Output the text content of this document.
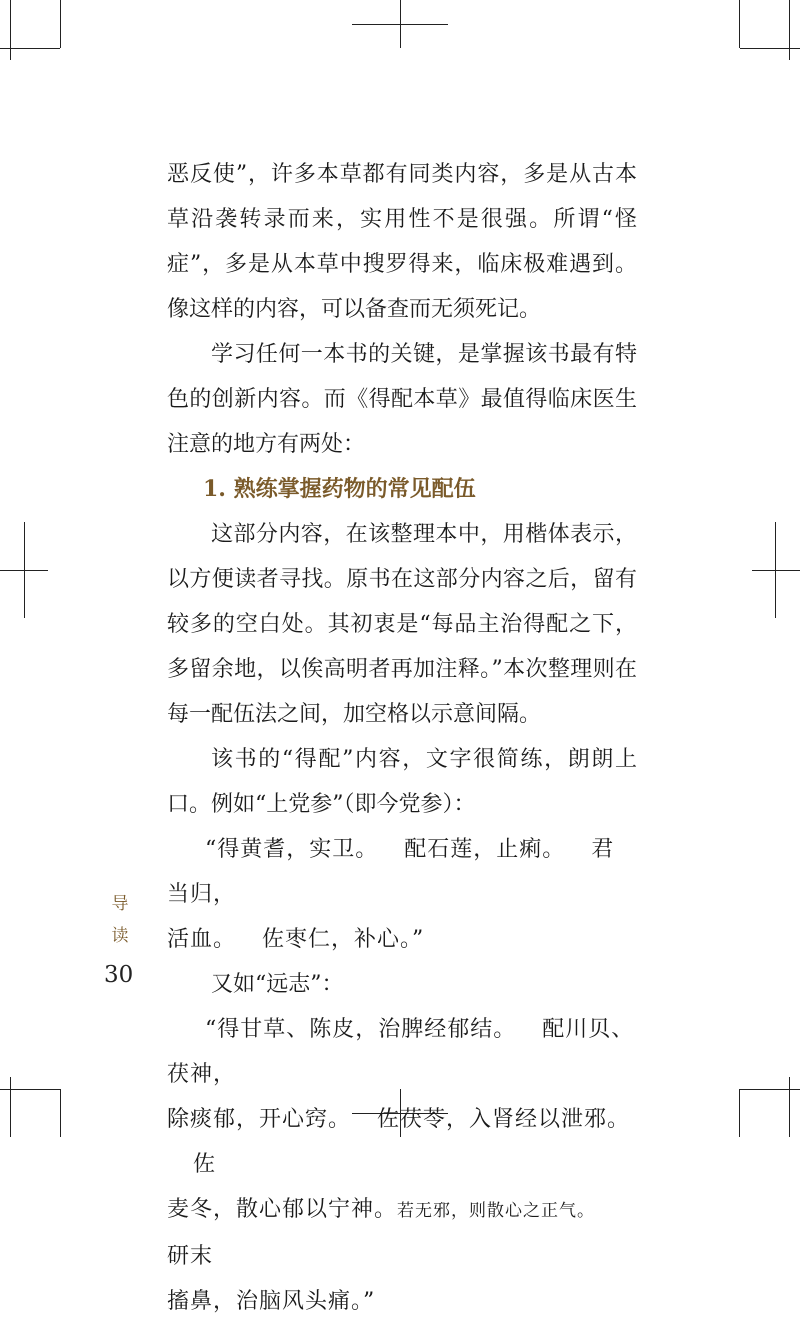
恶反使”，许多本草都有同类内容，多是从古本草沿袭转录而来，实用性不是很强。所谓“怪症”，多是从本草中搜罗得来，临床极难遇到。像这样的内容，可以备查而无须死记。

学习任何一本书的关键，是掌握该书最有特色的创新内容。而《得配本草》最值得临床医生注意的地方有两处：

1. 熟练掌握药物的常见配伍

这部分内容，在该整理本中，用楷体表示，以方便读者寻找。原书在这部分内容之后，留有较多的空白处。其初衷是“每品主治得配之下，多留余地，以俟高明者再加注释。”本次整理则在每一配伍法之间，加空格以示意间隔。

该书的“得配”内容，文字很简练，朗朗上口。例如“上党参”（即今党参）：

“得黄耆，实卫。 配石莲，止痢。 君当归，

活血。 佐枣仁，补心。”

又如“远志”：

“得甘草、陈皮，治脾经郁结。 配川贝、茯神，

除痰郁，开心窍。 佐茯苓，入肾经以泄邪。佐

麦冬，散心郁以宁神。若无邪，则散心之正气。研末

搐鼻，治脑风头痛。”

导
读
30
